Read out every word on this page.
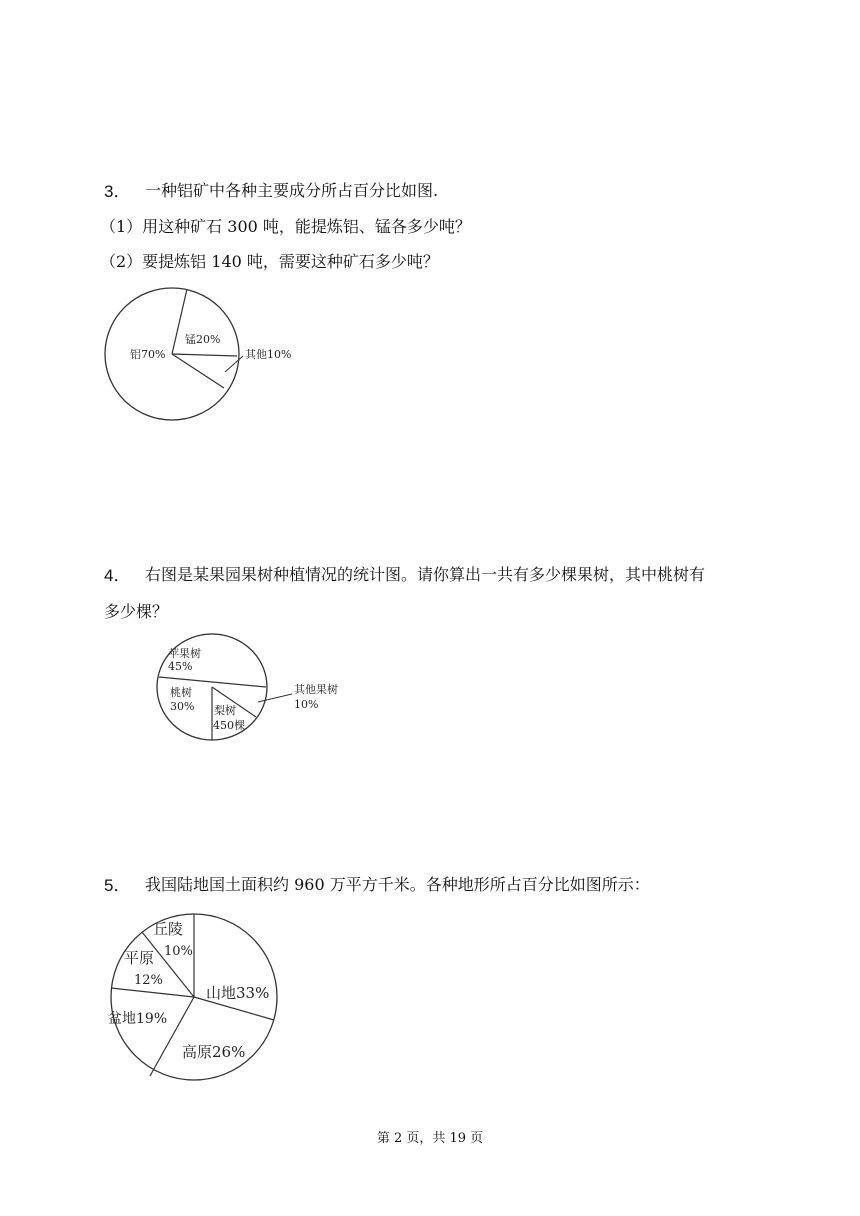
3． 一种铝矿中各种主要成分所占百分比如图.
（1）用这种矿石 300 吨，能提炼铝、锰各多少吨？
（2）要提炼铝 140 吨，需要这种矿石多少吨？
铝70%
锰20%
其他10%
4． 右图是某果园果树种植情况的统计图。请你算出一共有多少棵果树，其中桃树有
多少棵？
苹果树
45%
桃树
30% 梨树
450棵
其他果树
10%
5． 我国陆地国土面积约 960 万平方千米。各种地形所占百分比如图所示：
山地33%
高原26%
盆地19%
平原
12%
丘陵
10%
第 2 页，共 19 页
